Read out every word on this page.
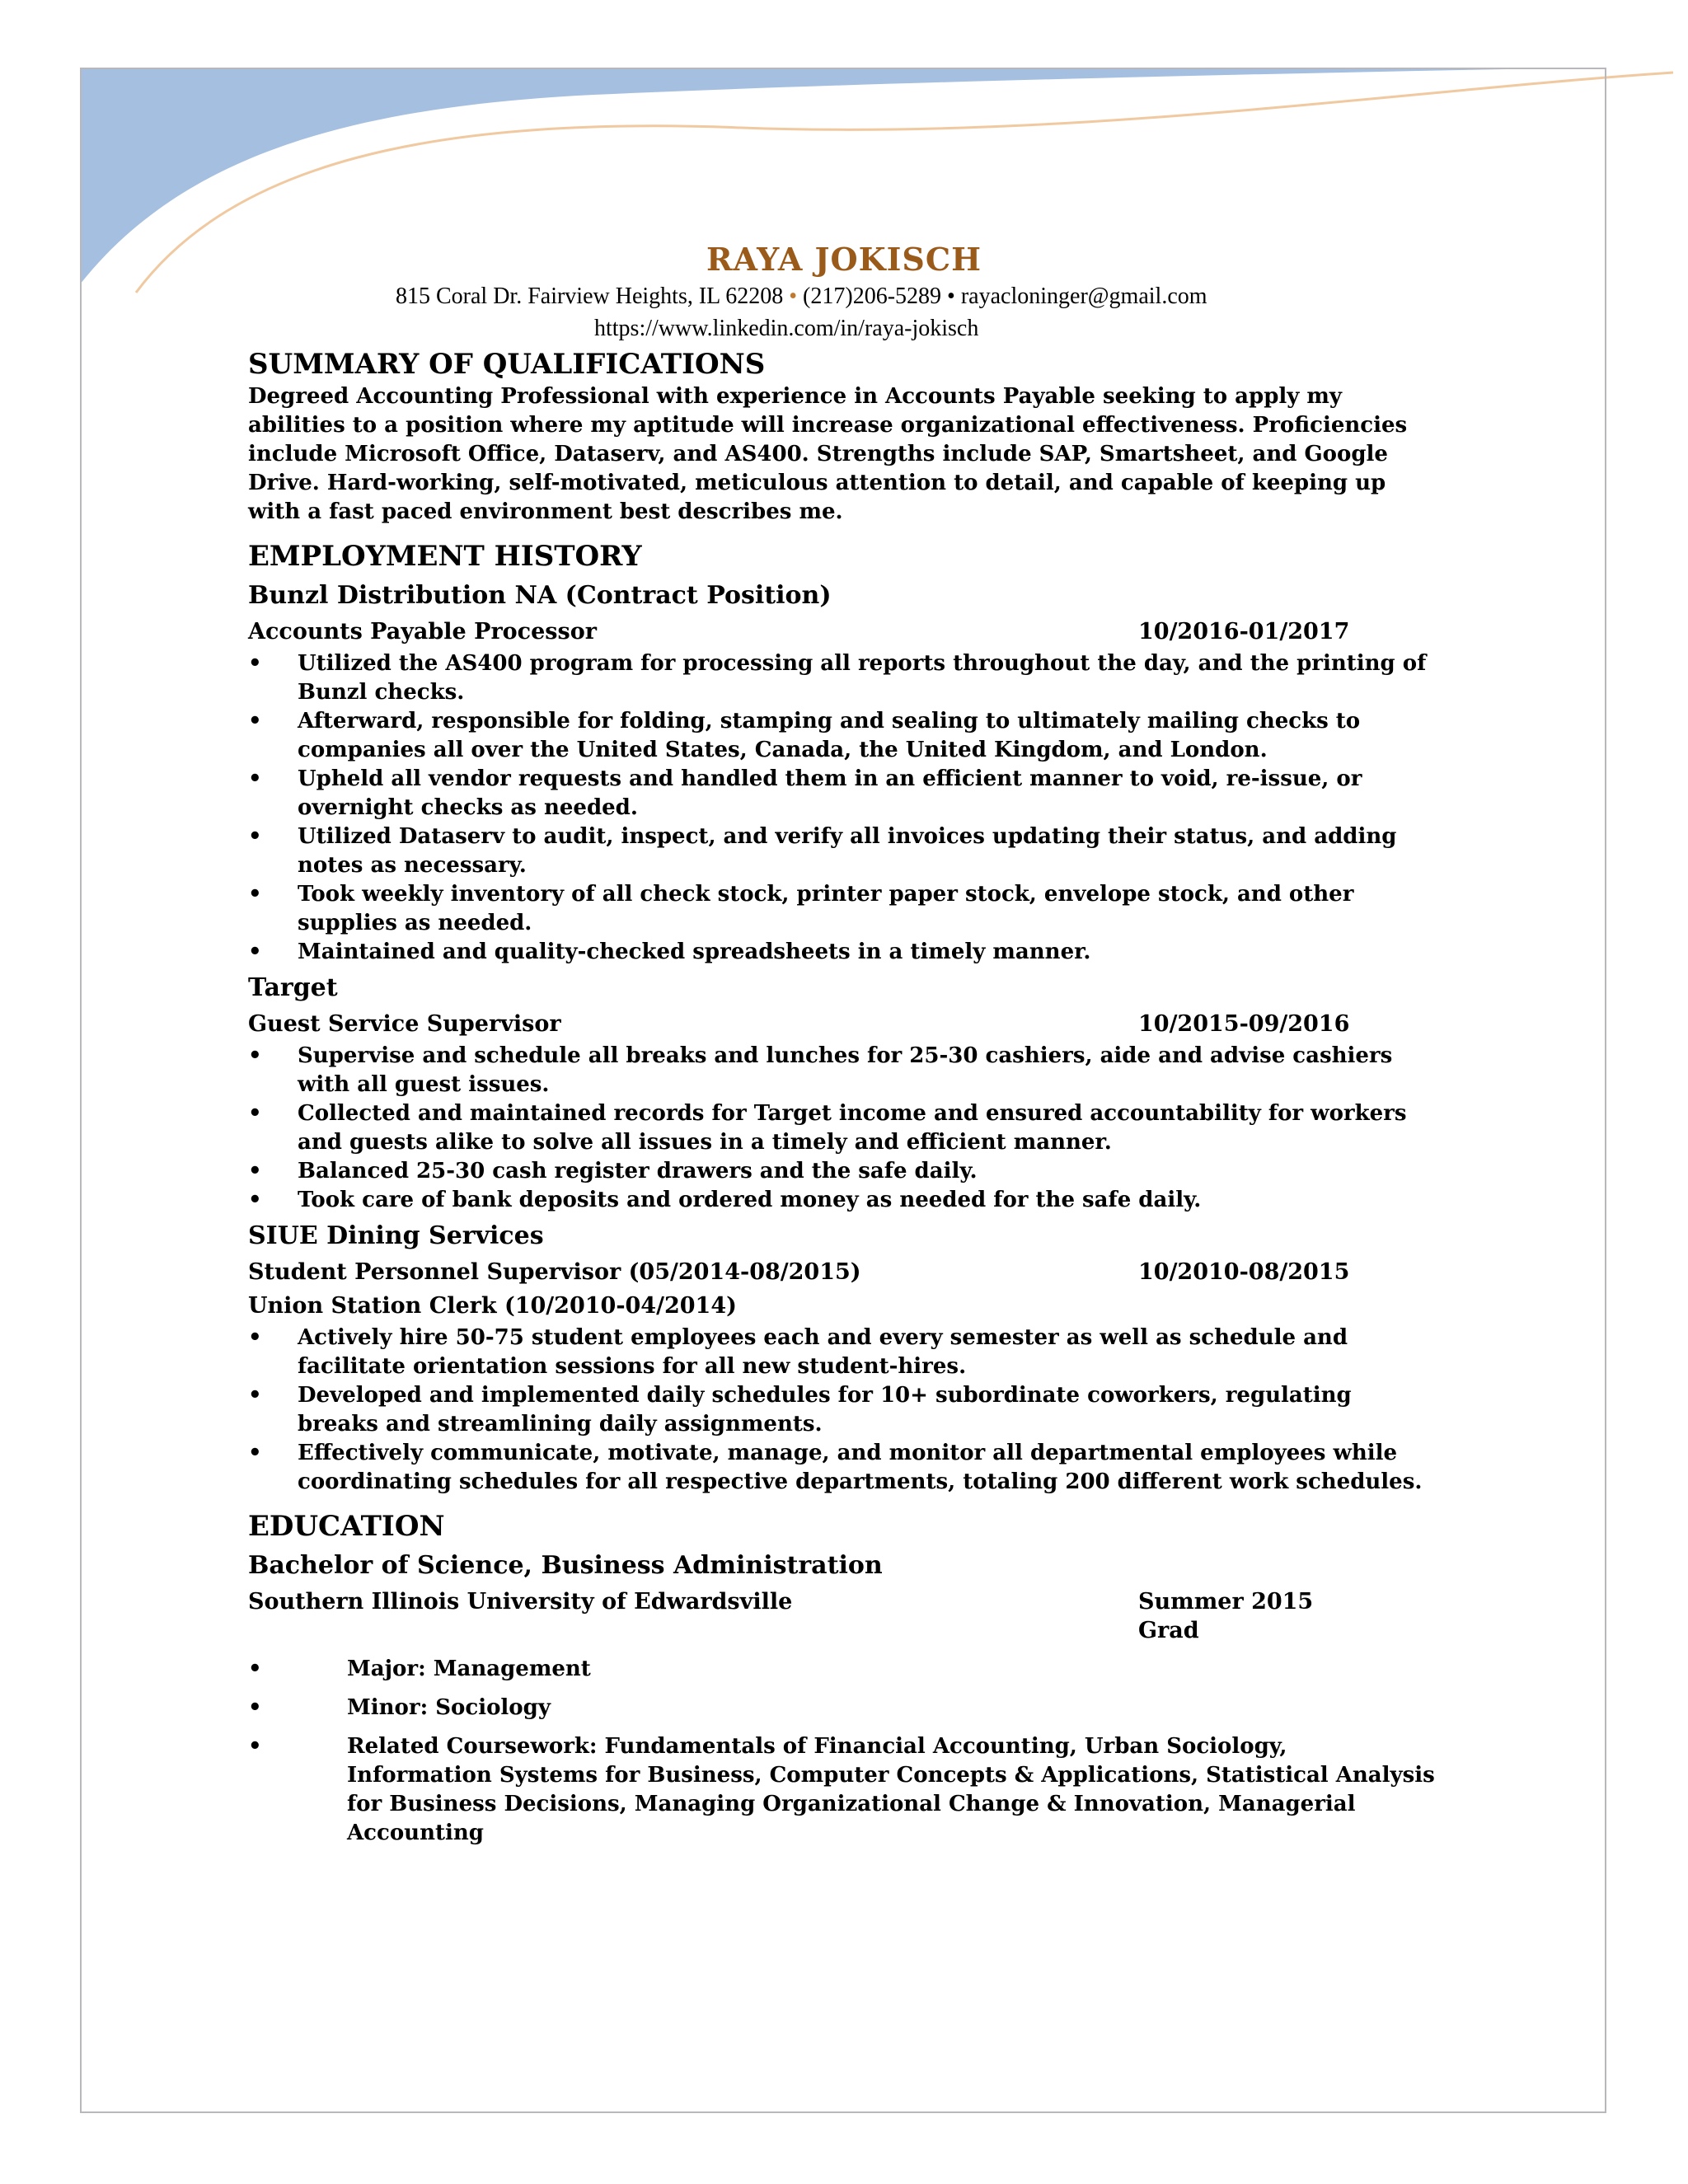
RAYA JOKISCH
815 Coral Dr. Fairview Heights, IL 62208 • (217)206-5289 • rayacloninger@gmail.com
https://www.linkedin.com/in/raya-jokisch
SUMMARY OF QUALIFICATIONS

Degreed Accounting Professional with experience in Accounts Payable seeking to apply my abilities to a position where my aptitude will increase organizational effectiveness. Proficiencies include Microsoft Office, Dataserv, and AS400. Strengths include SAP, Smartsheet, and Google Drive. Hard-working, self-motivated, meticulous attention to detail, and capable of keeping up with a fast paced environment best describes me.

EMPLOYMENT HISTORY
Bunzl Distribution NA (Contract Position)
Accounts Payable Processor	10/2016-01/2017
• Utilized the AS400 program for processing all reports throughout the day, and the printing of Bunzl checks.
• Afterward, responsible for folding, stamping and sealing to ultimately mailing checks to companies all over the United States, Canada, the United Kingdom, and London.
• Upheld all vendor requests and handled them in an efficient manner to void, re-issue, or overnight checks as needed.
• Utilized Dataserv to audit, inspect, and verify all invoices updating their status, and adding notes as necessary.
• Took weekly inventory of all check stock, printer paper stock, envelope stock, and other supplies as needed.
• Maintained and quality-checked spreadsheets in a timely manner.
Target
Guest Service Supervisor	10/2015-09/2016
• Supervise and schedule all breaks and lunches for 25-30 cashiers, aide and advise cashiers with all guest issues.
• Collected and maintained records for Target income and ensured accountability for workers and guests alike to solve all issues in a timely and efficient manner.
• Balanced 25-30 cash register drawers and the safe daily.
• Took care of bank deposits and ordered money as needed for the safe daily.
SIUE Dining Services
Student Personnel Supervisor (05/2014-08/2015)	10/2010-08/2015
Union Station Clerk (10/2010-04/2014)
• Actively hire 50-75 student employees each and every semester as well as schedule and facilitate orientation sessions for all new student-hires.
• Developed and implemented daily schedules for 10+ subordinate coworkers, regulating breaks and streamlining daily assignments.
• Effectively communicate, motivate, manage, and monitor all departmental employees while coordinating schedules for all respective departments, totaling 200 different work schedules.
EDUCATION
Bachelor of Science, Business Administration
Southern Illinois University of Edwardsville	Summer 2015 Grad
• Major: Management
• Minor: Sociology
• Related Coursework: Fundamentals of Financial Accounting, Urban Sociology, Information Systems for Business, Computer Concepts & Applications, Statistical Analysis for Business Decisions, Managing Organizational Change & Innovation, Managerial Accounting
